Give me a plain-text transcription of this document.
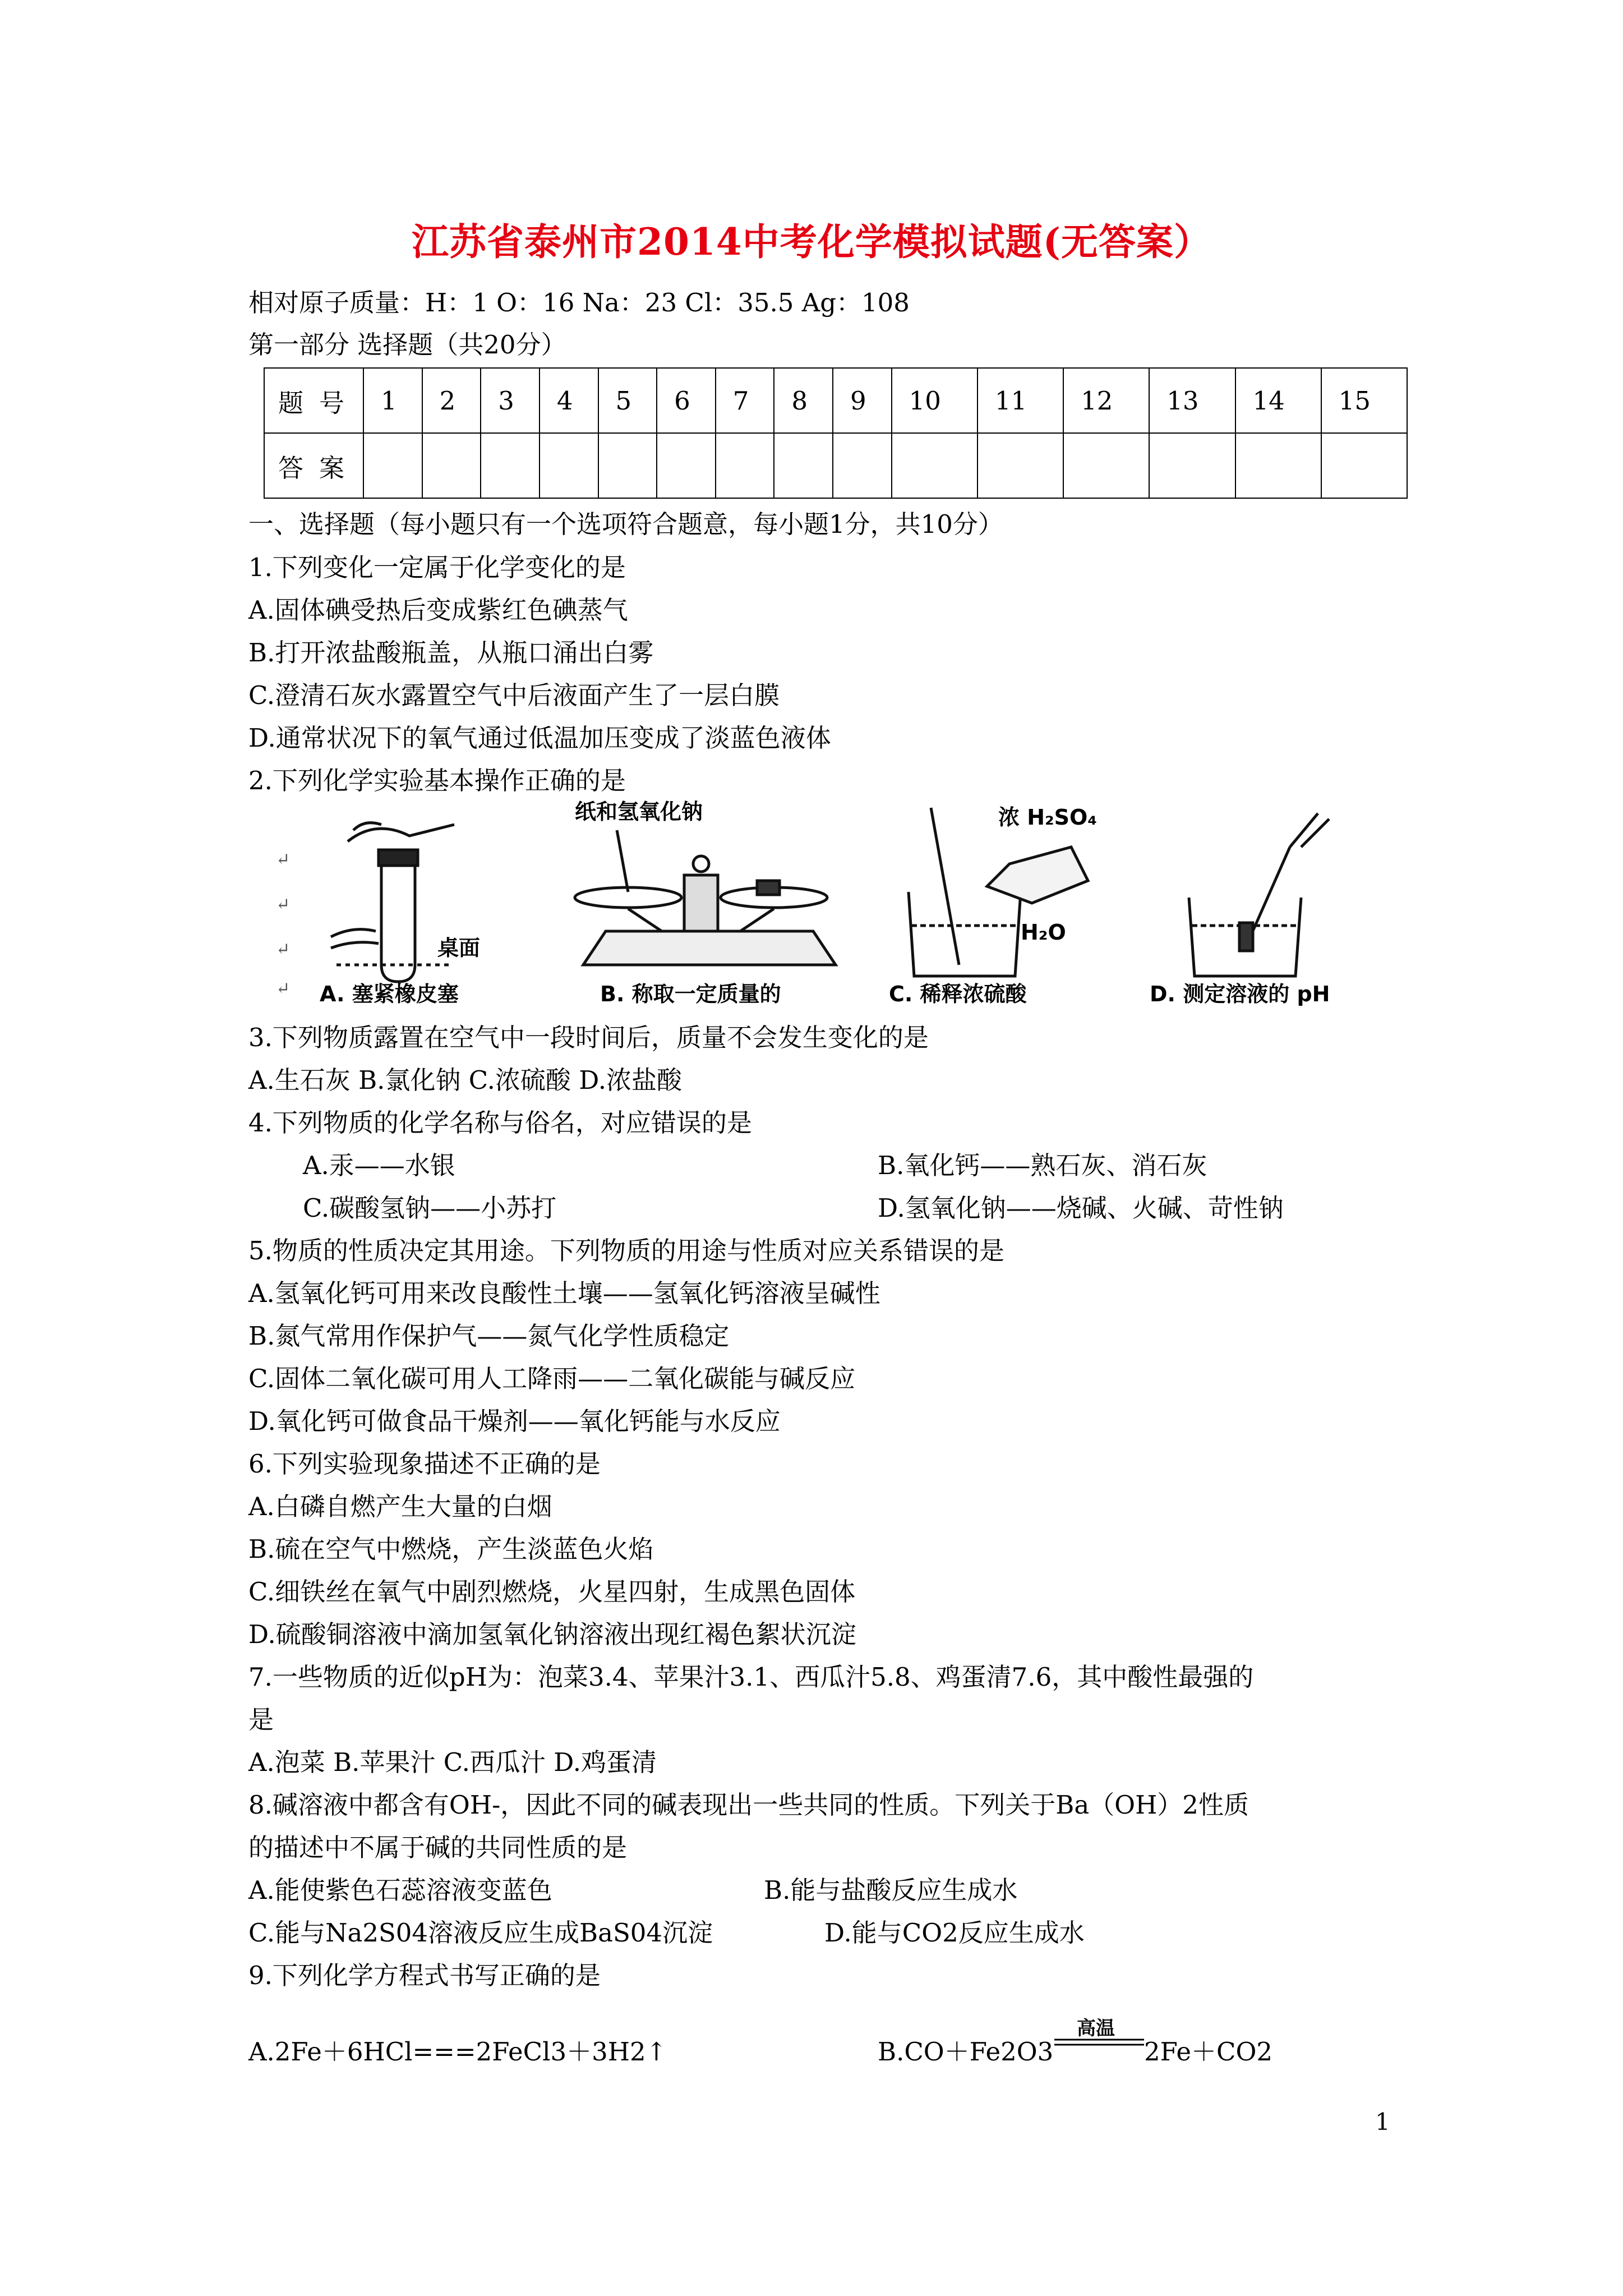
江苏省泰州市2014中考化学模拟试题(无答案）
相对原子质量：H：1 O：16 Na：23 Cl：35.5 Ag：108
第一部分 选择题（共20分）
题号	1	2	3	4	5	6	7	8	9	10	11	12	13	14	15
答案															
一、选择题（每小题只有一个选项符合题意，每小题1分，共10分）
1.下列变化一定属于化学变化的是
A.固体碘受热后变成紫红色碘蒸气
B.打开浓盐酸瓶盖，从瓶口涌出白雾
C.澄清石灰水露置空气中后液面产生了一层白膜
D.通常状况下的氧气通过低温加压变成了淡蓝色液体
2.下列化学实验基本操作正确的是
↵
↵
↵
↵
桌面
A. 塞紧橡皮塞
纸和氢氧化钠
B. 称取一定质量的
浓 H₂SO₄
H₂O
C. 稀释浓硫酸	D. 测定溶液的 pH
3.下列物质露置在空气中一段时间后，质量不会发生变化的是
A.生石灰 B.氯化钠 C.浓硫酸 D.浓盐酸
4.下列物质的化学名称与俗名，对应错误的是
A.汞——水银	B.氧化钙——熟石灰、消石灰
C.碳酸氢钠——小苏打	D.氢氧化钠——烧碱、火碱、苛性钠
5.物质的性质决定其用途。下列物质的用途与性质对应关系错误的是
A.氢氧化钙可用来改良酸性土壤——氢氧化钙溶液呈碱性
B.氮气常用作保护气——氮气化学性质稳定
C.固体二氧化碳可用人工降雨——二氧化碳能与碱反应
D.氧化钙可做食品干燥剂——氧化钙能与水反应
6.下列实验现象描述不正确的是
A.白磷自燃产生大量的白烟
B.硫在空气中燃烧，产生淡蓝色火焰
C.细铁丝在氧气中剧烈燃烧，火星四射，生成黑色固体
D.硫酸铜溶液中滴加氢氧化钠溶液出现红褐色絮状沉淀
7.一些物质的近似pH为：泡菜3.4、苹果汁3.1、西瓜汁5.8、鸡蛋清7.6，其中酸性最强的
是
A.泡菜 B.苹果汁 C.西瓜汁 D.鸡蛋清
8.碱溶液中都含有OH-，因此不同的碱表现出一些共同的性质。下列关于Ba（OH）2性质
的描述中不属于碱的共同性质的是
A.能使紫色石蕊溶液变蓝色	B.能与盐酸反应生成水
C.能与Na2S04溶液反应生成BaS04沉淀	D.能与CO2反应生成水
9.下列化学方程式书写正确的是
A.2Fe＋6HCl===2FeCl3＋3H2↑	B.CO＋Fe2O3
高温
2Fe＋CO2
1
